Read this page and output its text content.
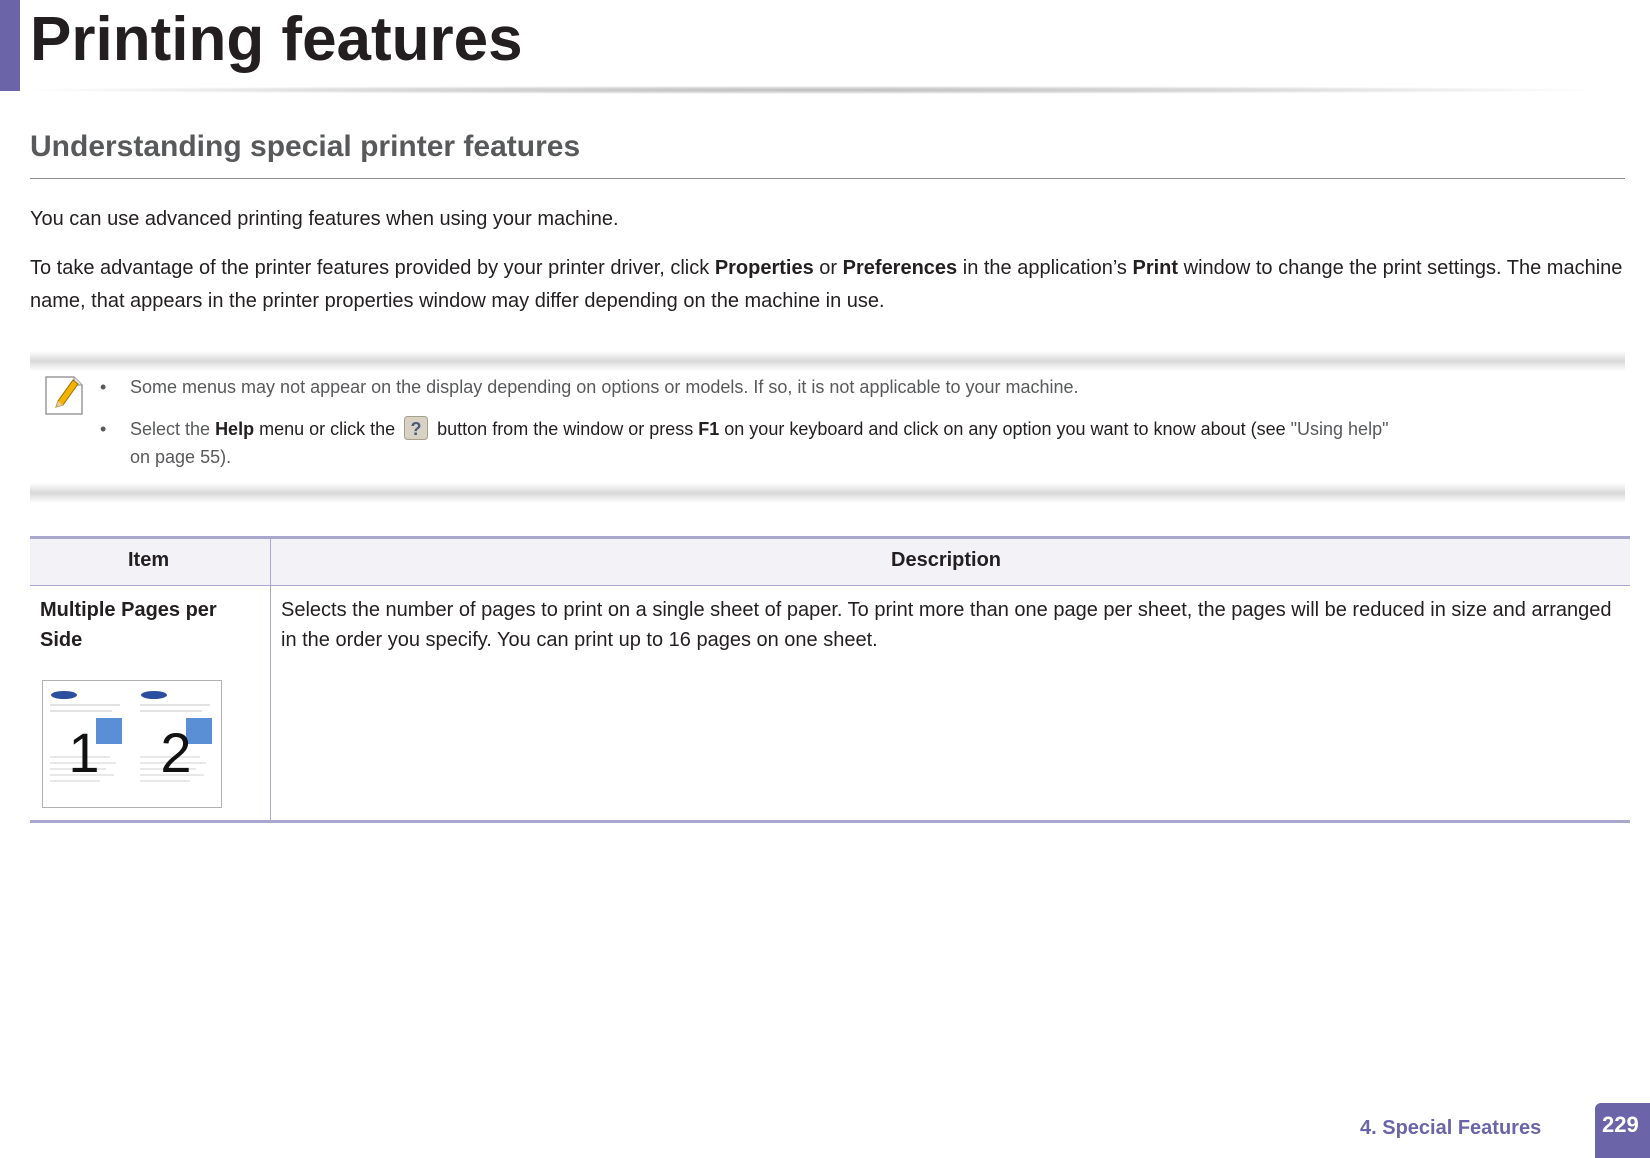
Printing features
Understanding special printer features
You can use advanced printing features when using your machine.
To take advantage of the printer features provided by your printer driver, click Properties or Preferences in the application’s Print window to change the print settings. The machine name, that appears in the printer properties window may differ depending on the machine in use.
• Some menus may not appear on the display depending on options or models. If so, it is not applicable to your machine.
• Select the Help menu or click the ? button from the window or press F1 on your keyboard and click on any option you want to know about (see "Using help"
on page 55).
Item	Description
Multiple Pages per Side
Selects the number of pages to print on a single sheet of paper. To print more than one page per sheet, the pages will be reduced in size and arranged in the order you specify. You can print up to 16 pages on one sheet.
1 2
4. Special Features	229
